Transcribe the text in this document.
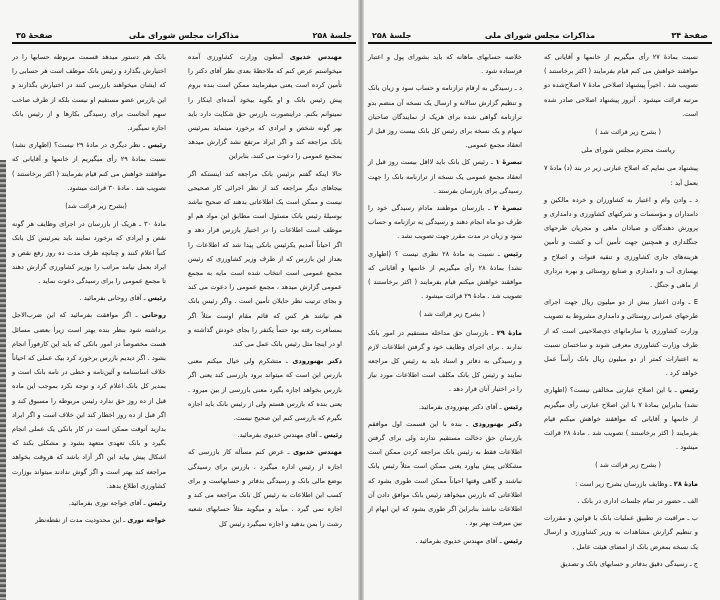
جلسهٔ ۲۵۸
مذاکرات مجلس شورای ملی
صفحهٔ ۳۵

مهندس خدیوی آمطون وزارت کشاورزی آمده میخواستم عرض کنم که ملاحظهٔ بعدی نظر آقای دکتر را تأمین کرده است یعنی میفرمایند ممکن است بنده بروم پیش رئیس بانک و او بگوید بیخود آمده‌ای اینکار را نمیتوانم بکنم. دراینصورت بازرس حق شکایت دارد باید بهر گونه شخص و ایرادی که برخورد مینماید بمرئیس بانک مراجعه کند و اگر ایراد مرتفع نشد گزارش میدهد بمجمع عمومی را دعوت می کنند. بنابراین

حالا اینکه گفتم برئیس بانک مراجعه کند اینستکه اگر بیجاهای دیگر مراجعه کند از نظر اجرائی کار صحیحی نیست و ممکن است یک اطلاعاتی بدهند که صحیح نباشد بوسیلهٔ رئیس بانک مسئول است مطابق این مواد هم او موظف است اطلاعات را در اختیار بازرس قرار دهد و اگر احیاناً آمدیم یکرئیس بانکی پیدا شد که اطلاعات را بعداز این بازرس که از طرف وزیر کشاورزی که رئیس مجمع عمومی است انتخاب شده است مایه به مجمع عمومی گزارش میدهد ، مجمع عمومی را دعوت می کند و بجای ترتیب نظر حایلان تأمین است . واگر رئیس بانک هم نیاشد هر کس که قائم مقام اوست مثلاً اگر بمسافرت رفته بود حتماً یکنفر را بجای خودش گذاشته و او در اینجا مثل رئیس بانک عمل می کند.

دکتر بهنورودی ـ متشکرم ولی خیال میکنم معنی بازرس این است که میتواند برود بازرسی کند یعنی اگر بازرس بخواهد اجازه بگیرد معنی بازرسی از بین میرود . یعنی بنده که بازرس هستم ولی از رئیس بانک باید اجازه بگیرم که بازرسی کنم این صحیح نیست.

رئیس ـ آقای مهندس خدیوی بفرمائید.

مهندس خدیوی ـ عرض کنم مسأله کار بازرسی که اجازه از رئیس اداره میگیرد ، بازرس برای رسیدگی بوضع مالی بانک و رسیدگی بدفاتر و حسابهاست و برای کسب این اطلاعات به رئیس کل بانک مراجعه می کند و اجازه نمی گیرد . میآید و میگوید مثلاً حسابهای شعبه رشت را بمن بدهید و اجازه نمیگیرد رئیس کل

بانک هم دستور میدهد قسمت مربوطه حسابها را در اختیارش بگذارد و رئیس بانک موظف است هر حسابی را که ایشان میخواهند بازرسی کنند در اختیارش بگذارند و این بازرس عضو مستقیم او نیست بلکه از طرف صاحب سهم آنجاست برای رسیدگی بکارها و از رئیس بانک اجازه نمیگیرد.

رئیس ـ نظر دیگری در مادهٔ ۲۹ نیست؟ (اظهاری نشد) نسبت بمادهٔ ۲۹ رأی میگیریم از خانمها و آقایانی که موافقند خواهش می کنم قیام بفرمایند ( اکثر برخاستند ) تصویب شد . مادهٔ ۳۰ قرائت میشود.

(بشرح زیر قرائت شد)

مادهٔ ۳۰ ـ هریک از بازرسان در اجرای وظایف هر گونه نقص و ایرادی که برخورد نمایند باید بمرئیس کل بانک کتباً اعلام کنند و چنانچه ظرف مدت ده روز رفع نقص و ایراد بعمل نیامد مراتب را بوزیر کشاورزی گزارش دهند تا مجمع عمومی را برای رسیدگی دعوت نماید .

رئیس ـ آقای روحانی بفرمائید .

روحانی ـ اگر موافقت بفرمائید که این ضرب‌الاجل برداشته شود بنظر بنده بهتر است زیرا بعضی مسائل هست مخصوصاً در امور بانکی که باید این کارفوراً انجام بشود . اگر دیدیم بازرس برخورد کرد بیک عملی که احیاناً خلاف اساسنامه و آئین‌نامه و خطی در نامه بانک است و بمدیر کل بانک اعلام کرد و توجه نکرد بموجب این ماده قبل از ده روز حق ندارد رئیس مربوطه را مسبوق کند و اگر قبل از ده روز اخطار کند این خلاف است و اگر ایراد بدارید آنوقت ممکن است در کار بانکی یک عملی انجام بگیرد و بانک تعهدی متعهد بشود و مشکلی بکند که اشکال پیش بیاید این اگر آزاد باشد که هروقت بخواهد مراجعه کند بهتر است و اگر گوش ندادند میتواند بوزارت کشاورزی اطلاع بدهد.

رئیس ـ آقای خواجه نوری بفرمائید.

خواجه نوری ـ این محدودیت مدت از نقطه‌نظر

صفحهٔ ۳۴
مذاکرات مجلس شورای ملی
جلسهٔ ۲۵۸

نسبت بمادهٔ ۲۷ رأی میگیریم از خانمها و آقایانی که موافقند خواهش می کنم قیام بفرمایند ( اکثر برخاستند ) تصویب شد . اخیراً پیشنهاد اصلاحی مادهٔ ۷ اصلاح‌شده‌ دو مرتبه قرائت میشود . آنروز پیشنهاد اصلاحی صادر شده است.

( بشرح زیر قرائت شد )

ریاست محترم مجلس شورای ملی

پیشنهاد می نمایم که اصلاح عبارتی زیر در بند (د) مادهٔ ۷ بعمل آید :

د ـ وادن وام و اعتبار به کشاورزان و خرده مالکین و دامداران و مؤسسات و شرکتهای کشاورزی و دامداری و پرورش دهندگان و صیادان ماهی و مجریان طرحهای جنگلداری و همچنین جهت تأمین آب و کشت و تأمین هزینه‌های جاری کشاورزی و تنقیه قنوات و اصلاح و بهسازی آب و دامداری و صنایع روستائی و بهره برداری از ماهی و جنگل .

E ـ وادن اعتبار بیش از دو میلیون ریال جهت اجرای طرحهای عمرانی روستائی و دامداری مشروط به تصویب وزارت کشاورزی یا سازمانهای ذی‌صلاحیتی است که از طرف وزارت کشاورزی معرفی شوند و ساختمان نسبت به اعتبارات کمتر از دو میلیون ریال بانک رأساً عمل خواهد کرد .

رئیس ـ با این اصلاح عبارتی مخالفی نیست؟ (اظهاری نشد) بنابراین بمادهٔ ۷ با این اصلاح عبارتی رأی میگیریم از خانمها و آقایانی که موافقند خواهش میکنم قیام بفرمایند ( اکثر برخاستند ) تصویب شد . مادهٔ ۲۸ قرائت میشود .

( بشرح زیر قرائت شد )

مادهٔ ۲۸ ـ وظایف بازرسان بشرح زیر است :

الف ـ حضور در تمام جلسات اداری در بانک .

ب ـ مراقبت در تطبیق عملیات بانک با قوانین و مقررات و تنظیم گزارش مشاهدات به وزیر کشاورزی و ارسال یک نسخه بمعرض بانک از امضای هیئت عامل .

ج ـ رسیدگی دقیق بدفاتر و حسابهای بانک و تصدیق

خلاصه حسابهای ماهانه که باید بشورای پول و اعتبار فرستاده شود .

د ـ رسیدگی به ارقام ترازنامه و حساب سود و زیان بانک و تنظیم گزارش سالانه و ارسال یک نسخه آن منضم بدو ترازنامه گواهی شده برای هریک از نمایندگان صاحبان سهام و یک نسخه برای رئیس کل بانک بیست روز قبل از انعقاد مجمع عمومی.

تبصرهٔ ۱ ـ رئیس کل بانک باید لااقل بیست روز قبل از انعقاد مجمع عمومی یک نسخه از ترازنامه بانک را جهت رسیدگی برای بازرسان بفرستد .

تبصرهٔ ۲ ـ بازرسان موظفند مادام رسیدگی خود را ظرف دو ماه انجام دهند و رسیدگی به ترازنامه و حساب سود و زیان در مدت مقرر جهت تصویب نشد .

رئیس ـ نسبت به مادهٔ ۲۸ نظری نیست ؟ (اظهاری نشد) بمادهٔ ۲۸ رأی میگیریم از خانمها و آقایانی که موافقند خواهش میکنم قیام بفرمایند ( اکثر برخاستند ) تصویب شد . مادهٔ ۲۹ قرائت میشود .

( بشرح زیر قرائت شد )

مادهٔ ۲۹ ـ بازرسان حق مداخله مستقیم در امور بانک ندارند . برای اجرای وظایف خود و گرفتن اطلاعات لازم و رسیدگی به دفاتر و اسناد باید به رئیس کل مراجعه نمایند و رئیس کل بانک مکلف است اطلاعات مورد نیاز را در اختیار آنان قرار دهد .

رئیس ـ آقای دکتر بهنورودی بفرمائید.

دکتر بهنورودی ـ بنده با این قسمت اول موافقم بازرسان حق دخالت مستقیم ندارند ولی برای گرفتن اطلاعات فقط به رئیس بانک مراجعه کردن ممکن است مشکلاتی پیش بیاورد یعنی ممکن است مثلاً رئیس بانک نباشند و گاهی وقتها احیاناً ممکن است طوری بشود که اطلاعاتی که بازرس میخواهد رئیس بانک موافق دادن آن اطلاعات نباشد بنابراین اگر طوری بشود که این ابهام از بین میرفت بهتر بود .

رئیس ـ آقای مهندس خدیوی بفرمائید .
